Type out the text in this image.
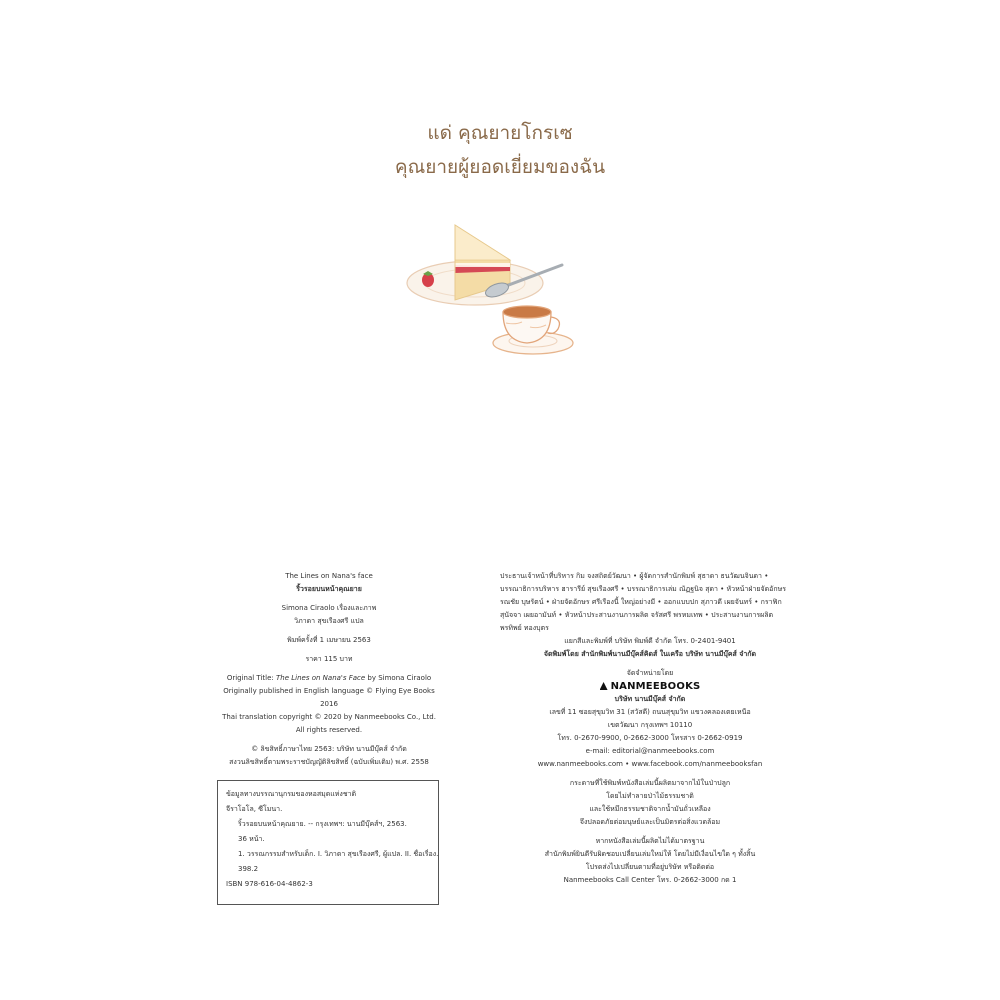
แด่ คุณยายโกรเซ
คุณยายผู้ยอดเยี่ยมของฉัน
The Lines on Nana's face
ริ้วรอยบนหน้าคุณยาย
Simona Ciraolo เรื่องและภาพ
วิภาดา สุขเรืองศรี แปล
พิมพ์ครั้งที่ 1 เมษายน 2563
ราคา 115 บาท
Original Title: The Lines on Nana's Face by Simona Ciraolo
Originally published in English language © Flying Eye Books 2016
Thai translation copyright © 2020 by Nanmeebooks Co., Ltd.
All rights reserved.
© ลิขสิทธิ์ภาษาไทย 2563: บริษัท นานมีบุ๊คส์ จำกัด
สงวนลิขสิทธิ์ตามพระราชบัญญัติลิขสิทธิ์ (ฉบับเพิ่มเติม) พ.ศ. 2558
ข้อมูลทางบรรณานุกรมของหอสมุดแห่งชาติ
จีราโอโล, ซีโมนา.
ริ้วรอยบนหน้าคุณยาย. -- กรุงเทพฯ: นานมีบุ๊คส์ฯ, 2563.
36 หน้า.
1. วรรณกรรมสำหรับเด็ก. I. วิภาดา สุขเรืองศรี, ผู้แปล. II. ชื่อเรื่อง.
398.2
ISBN 978-616-04-4862-3
ประธานเจ้าหน้าที่บริหาร กิม จงสถิตย์วัฒนา • ผู้จัดการสำนักพิมพ์ สุธาดา ธนวัฒนจินดา •
บรรณาธิการบริหาร ฮารารีย์ สุขเรืองศรี • บรรณาธิการเล่ม ณัฏฐนิจ สุดา • หัวหน้าฝ่ายจัดอักษร
รณชัย บุษรัตน์ • ฝ่ายจัดอักษร ศรีเรืองนี้ ใหญ่อย่างมี • ออกแบบปก สุภาวดี เผยจันทร์ • กราฟิก
สุนัจจา เผยอามันท์ • หัวหน้าประสานงานการผลิต จรัสศรี พรหมเทพ • ประสานงานการผลิต
พรทิพย์ ทองบุตร
แยกสีและพิมพ์ที่ บริษัท พิมพ์ดี จำกัด โทร. 0-2401-9401
จัดพิมพ์โดย สำนักพิมพ์นานมีบุ๊คส์คิดส์ ในเครือ บริษัท นานมีบุ๊คส์ จำกัด
จัดจำหน่ายโดย
NANMEEBOOKS
บริษัท นานมีบุ๊คส์ จำกัด
เลขที่ 11 ซอยสุขุมวิท 31 (สวัสดี) ถนนสุขุมวิท แขวงคลองเตยเหนือ
เขตวัฒนา กรุงเทพฯ 10110
โทร. 0-2670-9900, 0-2662-3000 โทรสาร 0-2662-0919
e-mail: editorial@nanmeebooks.com
www.nanmeebooks.com • www.facebook.com/nanmeebooksfan
กระดาษที่ใช้พิมพ์หนังสือเล่มนี้ผลิตมาจากไม้ในป่าปลูก
โดยไม่ทำลายป่าไม้ธรรมชาติ
และใช้หมึกธรรมชาติจากน้ำมันถั่วเหลือง
จึงปลอดภัยต่อมนุษย์และเป็นมิตรต่อสิ่งแวดล้อม
หากหนังสือเล่มนี้ผลิตไม่ได้มาตรฐาน
สำนักพิมพ์ยินดีรับผิดชอบเปลี่ยนเล่มใหม่ให้ โดยไม่มีเงื่อนไขใด ๆ ทั้งสิ้น
โปรดส่งไปเปลี่ยนตามที่อยู่บริษัท หรือติดต่อ
Nanmeebooks Call Center โทร. 0-2662-3000 กด 1
